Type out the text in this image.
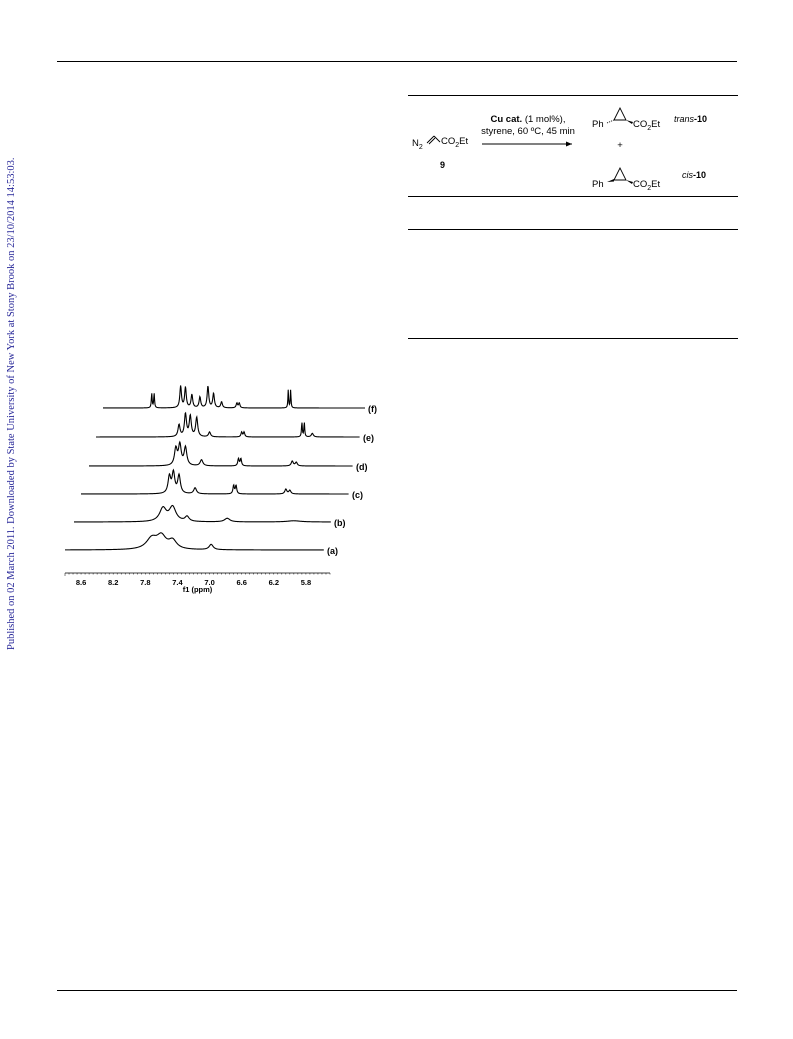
Published on 02 March 2011. Downloaded by State University of New York at Stony Brook on 23/10/2014 14:53:03.
$N_2$
$CO_2Et$
9
Cu cat. (1 mol%),
styrene, 60 ºC, 45 min
Ph	$CO_2Et$ trans-10
+
Ph	$CO_2Et$
cis-10
(a)
(b)
(c)
(d)
(e)
(f)
8.6	8.2	7.8	7.4	7.0	6.6	6.2	5.8
f1 (ppm)
